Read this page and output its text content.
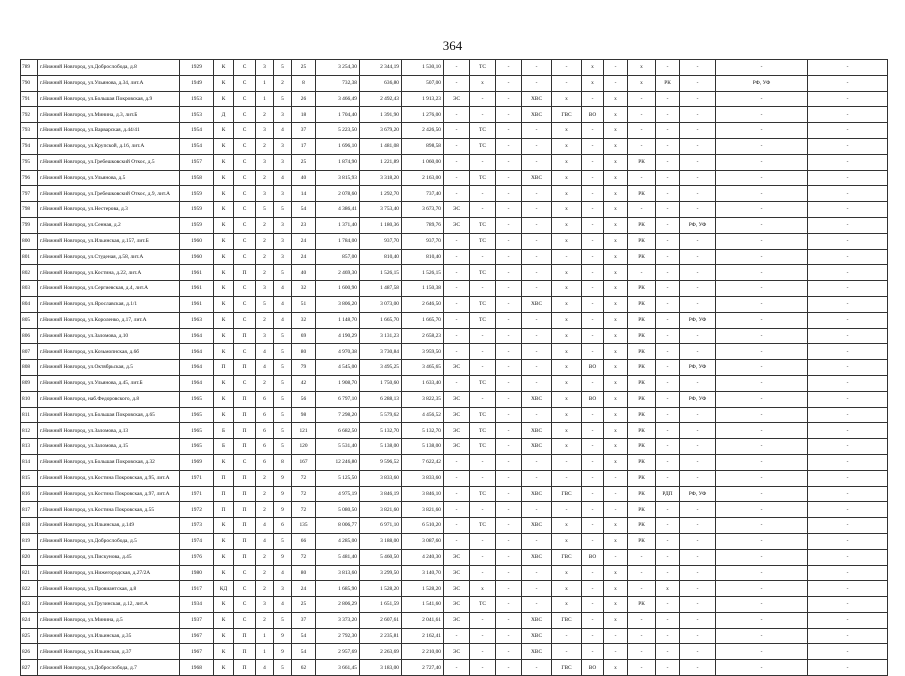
364
789	г.Нижний Новгород, ул.Доброслобода, д.8	1929	К	С	3	5	25	3 254,30	2 344,19	1 530,10	-	ТС	-	-	-	х	-	х	-	-	-	-
790	г.Нижний Новгород, ул.Ульянова, д.34, лит.А	1949	К	С	1	2	8	732,38	636,80	507,00	-	х	-	-	-	х	-	х	РК	-	РФ, УФ	-
791	г.Нижний Новгород, ул.Большая Покровская, д.9	1953	К	С	1	5	26	3 466,49	2 492,43	1 913,23	ЭС	-	-	ХВС	х	-	х	-	-	-	-	-
792	г.Нижний Новгород, ул.Минина, д.3, лит.Б	1953	Д	С	2	3	18	1 704,40	1 391,90	1 276,00	-	-	-	ХВС	ГВС	ВО	х	-	-	-	-	-
793	г.Нижний Новгород, ул.Варварская, д.44/41	1954	К	С	3	4	37	5 223,50	3 679,20	2 426,50	-	ТС	-	-	х	-	х	-	-	-	-	-
794	г.Нижний Новгород, ул.Крупской, д.16, лит.А	1954	К	С	2	3	17	1 696,10	1 481,08	898,58	-	ТС	-	-	х	-	х	-	-	-	-	-
795	г.Нижний Новгород, ул.Гребешковский Откос, д.5	1957	К	С	3	3	25	1 874,90	1 221,89	1 060,00	-	-	-	-	х	-	х	РК	-	-	-	-
796	г.Нижний Новгород, ул.Ульянова, д.5	1958	К	С	2	4	40	3 815,93	3 318,20	2 163,00	-	ТС	-	ХВС	х	-	х	-	-	-	-	-
797	г.Нижний Новгород, ул.Гребешковский Откос, д.9, лит.А	1959	К	С	3	3	14	2 078,60	1 292,70	737,40	-	-	-	-	х	-	х	РК	-	-	-	-
798	г.Нижний Новгород, ул.Нестерова, д.3	1959	К	С	5	5	54	4 386,41	3 753,40	3 673,70	ЭС	-	-	-	х	-	х	-	-	-	-	-
799	г.Нижний Новгород, ул.Сенная, д.2	1959	К	С	2	3	23	1 371,40	1 180,36	789,76	ЭС	ТС	-	-	х	-	х	РК	-	РФ, УФ	-	-
800	г.Нижний Новгород, ул.Ильинская, д.157, лит.Б	1960	К	С	2	3	24	1 784,00	937,70	937,70	-	ТС	-	-	х	-	х	РК	-	-	-	-
801	г.Нижний Новгород, ул.Студеная, д.58, лит.А	1960	К	С	2	3	24	857,00	810,40	810,40	-	-	-	-	-	-	х	РК	-	-	-	-
802	г.Нижний Новгород, ул.Костина, д.22, лит.А	1961	К	П	2	5	40	2 469,30	1 526,15	1 526,15	-	ТС	-	-	х	-	х	-	-	-	-	-
803	г.Нижний Новгород, ул.Сергиевская, д.4, лит.А	1961	К	С	3	4	32	1 600,90	1 487,58	1 150,38	-	-	-	-	х	-	х	РК	-	-	-	-
804	г.Нижний Новгород, ул.Ярославская, д.1/1	1961	К	С	5	4	51	3 806,20	3 073,00	2 646,50	-	ТС	-	ХВС	х	-	х	РК	-	-	-	-
805	г.Нижний Новгород, ул.Короленко, д.17, лит.А	1963	К	С	2	4	32	1 148,70	1 665,70	1 665,70	-	ТС	-	-	х	-	х	РК	-	РФ, УФ	-	-
806	г.Нижний Новгород, ул.Заломова, д.10	1964	К	П	3	5	69	4 190,29	3 131,23	2 658,23	-	-	-	-	х	-	х	РК	-	-	-	-
807	г.Нижний Новгород, ул.Козьмопнская, д.6б	1964	К	С	4	5	80	4 970,38	3 730,84	3 959,50	-	-	-	-	х	-	х	РК	-	-	-	-
808	г.Нижний Новгород, ул.Октябрьская, д.5	1964	П	П	4	5	79	4 545,00	3 495,25	3 465,65	ЭС	-	-	-	х	ВО	х	РК	-	РФ, УФ	-	-
809	г.Нижний Новгород, ул.Ульянова, д.45, лит.Б	1964	К	С	2	5	42	1 908,70	1 750,60	1 633,40	-	ТС	-	-	х	-	х	РК	-	-	-	-
810	г.Нижний Новгород, наб.Федоровского, д.8	1965	К	П	6	5	56	6 797,10	6 288,13	3 822,35	ЭС	-	-	ХВС	х	ВО	х	РК	-	РФ, УФ	-	-
811	г.Нижний Новгород, ул.Большая Покровская, д.65	1965	К	П	6	5	98	7 298,20	5 579,62	4 456,52	ЭС	ТС	-	-	х	-	х	РК	-	-	-	-
812	г.Нижний Новгород, ул.Заломова, д.13	1965	Б	П	6	5	121	6 682,50	5 132,70	5 132,70	ЭС	ТС	-	ХВС	х	-	х	РК	-	-	-	-
813	г.Нижний Новгород, ул.Заломова, д.15	1965	Б	П	6	5	120	5 531,40	5 138,00	5 138,00	ЭС	ТС	-	ХВС	х	-	х	РК	-	-	-	-
814	г.Нижний Новгород, ул.Большая Покровская, д.32	1969	К	С	6	8	167	12 246,80	9 596,52	7 622,42	-	-	-	-	-	-	х	РК	-	-	-	-
815	г.Нижний Новгород, ул.Костина Покровская, д.95, лит.А	1971	П	П	2	9	72	5 125,50	3 833,60	3 833,60	-	-	-	-	-	-	-	РК	-	-	-	-
816	г.Нижний Новгород, ул.Костина Покровская, д.97, лит.А	1971	П	П	2	9	72	4 975,19	3 846,19	3 846,10	-	ТС	-	ХВС	ГВС	-	-	РК	РДП	РФ, УФ	-	-
817	г.Нижний Новгород, ул.Костина Покровская, д.55	1972	П	П	2	9	72	5 080,50	3 821,60	3 821,60	-	-	-	-	-	-	-	РК	-	-	-	-
818	г.Нижний Новгород, ул.Ильинская, д.149	1973	К	П	4	6	135	8 006,77	6 971,10	6 510,20	-	ТС	-	ХВС	х	-	х	РК	-	-	-	-
819	г.Нижний Новгород, ул.Доброслобода, д.5	1974	К	П	4	5	66	4 285,00	3 188,00	3 087,60	-	-	-	-	х	-	х	РК	-	-	-	-
820	г.Нижний Новгород, ул.Пискунова, д.45	1976	К	П	2	9	72	5 481,40	5 460,50	4 240,30	ЭС	-	-	ХВС	ГВС	ВО	-	-	-	-	-	-
821	г.Нижний Новгород, ул.Нижегородская, д.27/2А	1980	К	С	2	4	80	3 813,60	3 299,50	3 140,70	ЭС	-	-	-	х	-	х	-	-	-	-	-
822	г.Нижний Новгород, ул.Провиантская, д.8	1917	КД	С	2	3	24	1 685,90	1 528,20	1 528,20	ЭС	х	-	-	х	-	х	-	х	-	-	-
823	г.Нижний Новгород, ул.Грузинская, д.12, лит.А	1934	К	С	3	4	25	2 806,29	1 651,59	1 541,60	ЭС	ТС	-	-	х	-	х	РК	-	-	-	-
824	г.Нижний Новгород, ул.Минина, д.5	1937	К	С	2	5	37	3 373,20	2 607,61	2 041,61	ЭС	-	-	ХВС	ГВС	-	х	-	-	-	-	-
825	г.Нижний Новгород, ул.Ильинская, д.35	1967	К	П	1	9	54	2 792,30	2 235,81	2 162,41	-	-	-	ХВС	-	-	-	-	-	-	-	-
826	г.Нижний Новгород, ул.Ильинская, д.37	1967	К	П	1	9	54	2 957,69	2 263,69	2 210,00	ЭС	-	-	ХВС	-	-	-	-	-	-	-	-
827	г.Нижний Новгород, ул.Доброслобода, д.7	1968	К	П	4	5	62	3 661,45	3 183,00	2 727,40	-	-	-	-	ГВС	ВО	х	-	-	-	-	-
